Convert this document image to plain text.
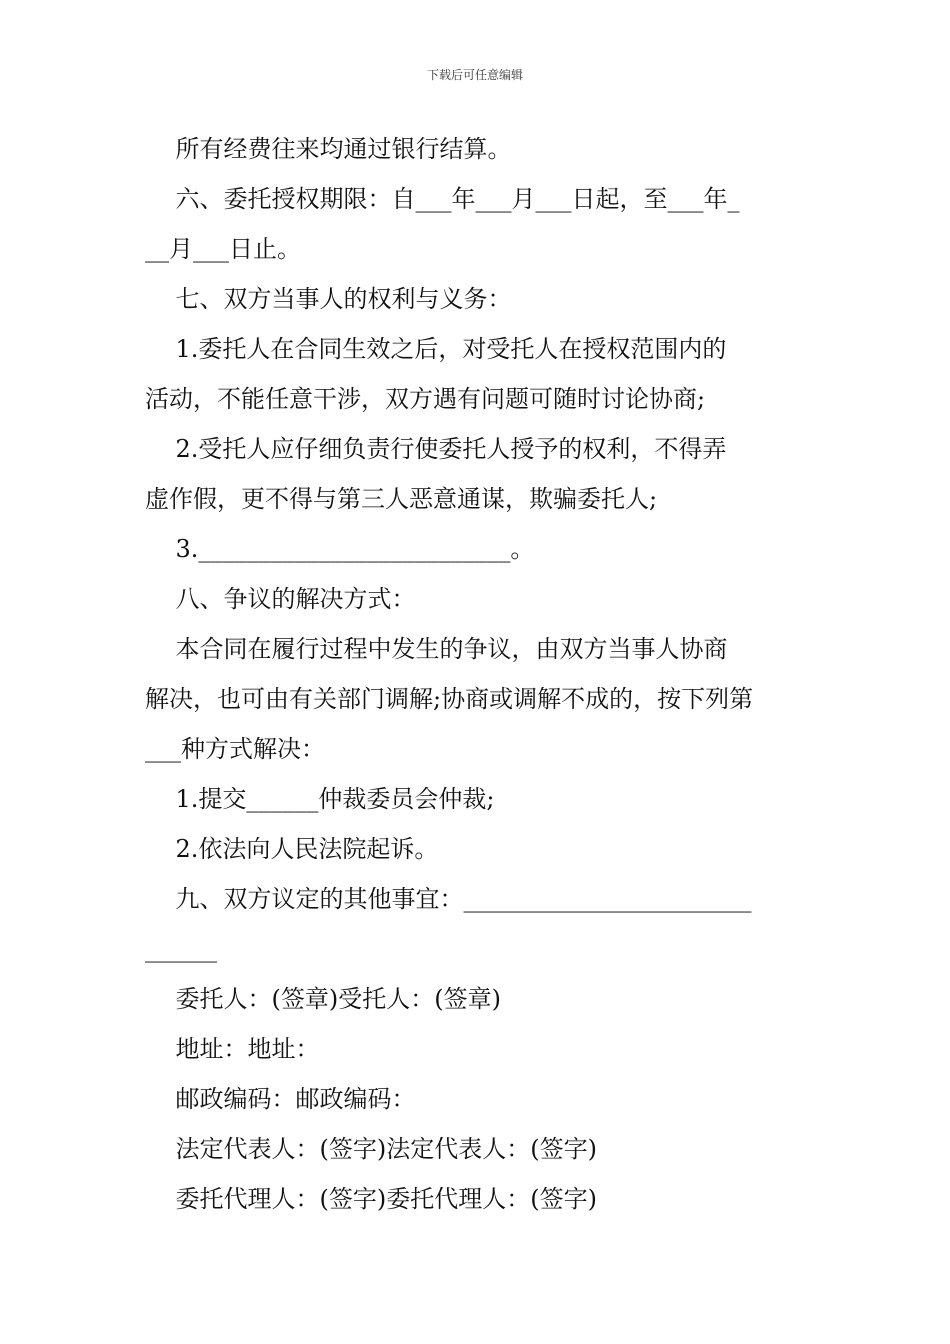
下载后可任意编辑
所有经费往来均通过银行结算。
六、委托授权期限：自___年___月___日起，至___年_
__月___日止。
七、双方当事人的权利与义务：
1.委托人在合同生效之后，对受托人在授权范围内的
活动，不能任意干涉，双方遇有问题可随时讨论协商;
2.受托人应仔细负责行使委托人授予的权利，不得弄
虚作假，更不得与第三人恶意通谋，欺骗委托人;
3.__________________________。
八、争议的解决方式：
本合同在履行过程中发生的争议，由双方当事人协商
解决，也可由有关部门调解;协商或调解不成的，按下列第
___种方式解决：
1.提交______仲裁委员会仲裁;
2.依法向人民法院起诉。
九、双方议定的其他事宜：________________________
______
委托人：(签章)受托人：(签章)
地址：地址：
邮政编码：邮政编码：
法定代表人：(签字)法定代表人：(签字)
委托代理人：(签字)委托代理人：(签字)
